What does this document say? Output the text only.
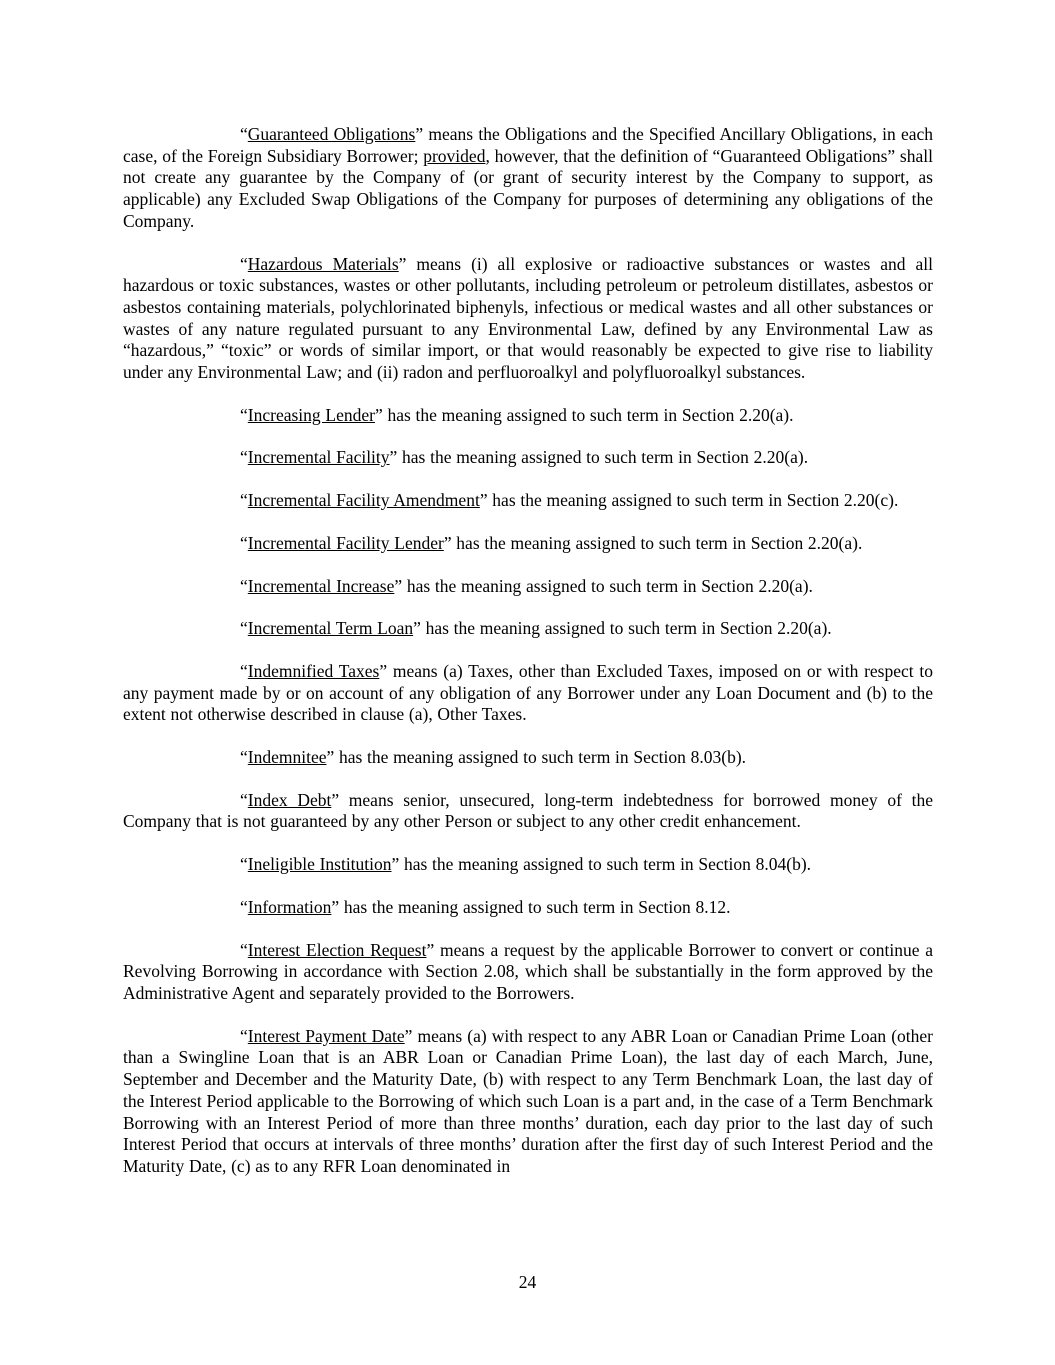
“Guaranteed Obligations” means the Obligations and the Specified Ancillary Obligations, in each case, of the Foreign Subsidiary Borrower; provided, however, that the definition of “Guaranteed Obligations” shall not create any guarantee by the Company of (or grant of security interest by the Company to support, as applicable) any Excluded Swap Obligations of the Company for purposes of determining any obligations of the Company.

“Hazardous Materials” means (i) all explosive or radioactive substances or wastes and all hazardous or toxic substances, wastes or other pollutants, including petroleum or petroleum distillates, asbestos or asbestos containing materials, polychlorinated biphenyls, infectious or medical wastes and all other substances or wastes of any nature regulated pursuant to any Environmental Law, defined by any Environmental Law as “hazardous,” “toxic” or words of similar import, or that would reasonably be expected to give rise to liability under any Environmental Law; and (ii) radon and perfluoroalkyl and polyfluoroalkyl substances.

“Increasing Lender” has the meaning assigned to such term in Section 2.20(a).

“Incremental Facility” has the meaning assigned to such term in Section 2.20(a).

“Incremental Facility Amendment” has the meaning assigned to such term in Section 2.20(c).

“Incremental Facility Lender” has the meaning assigned to such term in Section 2.20(a).

“Incremental Increase” has the meaning assigned to such term in Section 2.20(a).

“Incremental Term Loan” has the meaning assigned to such term in Section 2.20(a).

“Indemnified Taxes” means (a) Taxes, other than Excluded Taxes, imposed on or with respect to any payment made by or on account of any obligation of any Borrower under any Loan Document and (b) to the extent not otherwise described in clause (a), Other Taxes.

“Indemnitee” has the meaning assigned to such term in Section 8.03(b).

“Index Debt” means senior, unsecured, long-term indebtedness for borrowed money of the Company that is not guaranteed by any other Person or subject to any other credit enhancement.

“Ineligible Institution” has the meaning assigned to such term in Section 8.04(b).

“Information” has the meaning assigned to such term in Section 8.12.

“Interest Election Request” means a request by the applicable Borrower to convert or continue a Revolving Borrowing in accordance with Section 2.08, which shall be substantially in the form approved by the Administrative Agent and separately provided to the Borrowers.

“Interest Payment Date” means (a) with respect to any ABR Loan or Canadian Prime Loan (other than a Swingline Loan that is an ABR Loan or Canadian Prime Loan), the last day of each March, June, September and December and the Maturity Date, (b) with respect to any Term Benchmark Loan, the last day of the Interest Period applicable to the Borrowing of which such Loan is a part and, in the case of a Term Benchmark Borrowing with an Interest Period of more than three months’ duration, each day prior to the last day of such Interest Period that occurs at intervals of three months’ duration after the first day of such Interest Period and the Maturity Date, (c) as to any RFR Loan denominated in

24
